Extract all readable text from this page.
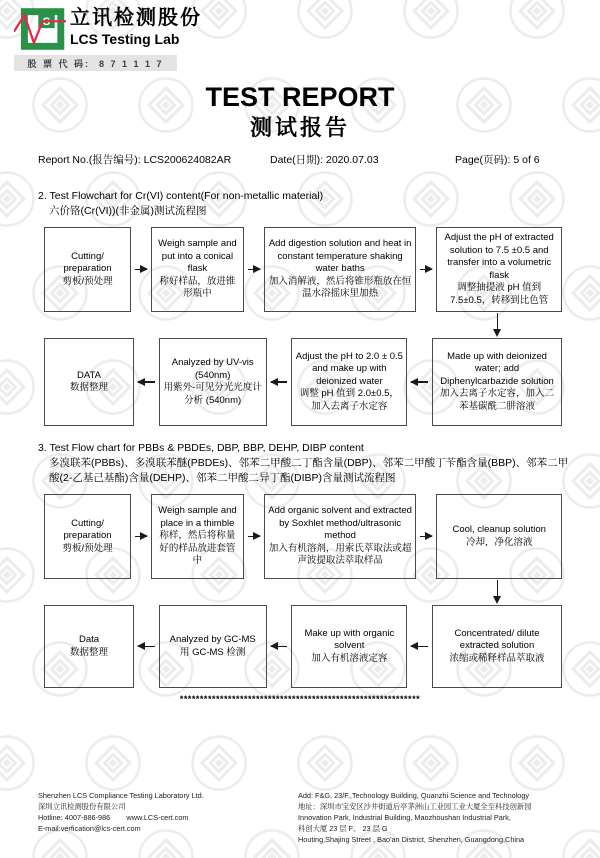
S 立讯检测股份
LCS Testing Lab
股 票 代 码:  8 7 1 1 1 7
TEST REPORT
测试报告
Report No.(报告编号): LCS200624082AR	Date(日期): 2020.07.03	Page(页码): 5 of 6
2. Test Flowchart for Cr(VI) content(For non-metallic material)
六价铬(Cr(VI))(非金属)测试流程图
Cutting/ preparation
剪板/预处理
Weigh sample and put into a conical flask
称好样品，放进锥形瓶中
Add digestion solution and heat in constant temperature shaking water baths
加入消解液，然后将锥形瓶放在恒温水浴摇床里加热
Adjust the pH of extracted solution to 7.5 ±0.5 and transfer into a volumetric flask
调整抽提液 pH 值到 7.5±0.5，转移到比色管
DATA
数据整理
Analyzed by UV-vis (540nm)
用紫外-可见分光光度计分析 (540nm)
Adjust the pH to 2.0 ± 0.5 and make up with deionized water
调整 pH 值到 2.0±0.5，加入去离子水定容
Made up with deionized water; add Diphenylcarbazide solution
加入去离子水定容，加入二苯基碳酰二肼溶液
3. Test Flow chart for PBBs & PBDEs, DBP, BBP, DEHP, DIBP content
多溴联苯(PBBs)、多溴联苯醚(PBDEs)、邻苯二甲酸二丁酯含量(DBP)、邻苯二甲酸丁苄酯含量(BBP)、邻苯二甲酸(2-乙基己基酯)含量(DEHP)、邻苯二甲酸二异丁酯(DIBP)含量测试流程图
Cutting/ preparation
剪板/预处理
Weigh sample and place in a thimble
称样，然后将称量好的样品放进套管中
Add organic solvent and extracted by Soxhlet method/ultrasonic method
加入有机溶剂，用索氏萃取法或超声波提取法萃取样品
Cool, cleanup solution
冷却，净化溶液
Data
数据整理
Analyzed by GC-MS
用 GC-MS 检测
Make up with organic solvent
加入有机溶液定容
Concentrated/ dilute extracted solution
浓缩或稀释样品萃取液
************************************************************
Shenzhen LCS Compliance Testing Laboratory Ltd.
深圳立讯检测股份有限公司
Hotline: 4007-886-986        www.LCS-cert.com
E-mail:verfication@lcs-cert.com
Add: F&G, 23/F.,Technology Building, Quanzhi Science and Technology
地址：深圳市宝安区沙井街道后亭茅洲山工业园工业大厦全至科技创新园
Innovation Park, Industrial Building, Maozhoushan Industrial Park,
科创大厦 23 层 F、 23 层 G
Houting,Shajing Street , Bao'an District, Shenzhen, Guangdong,China
